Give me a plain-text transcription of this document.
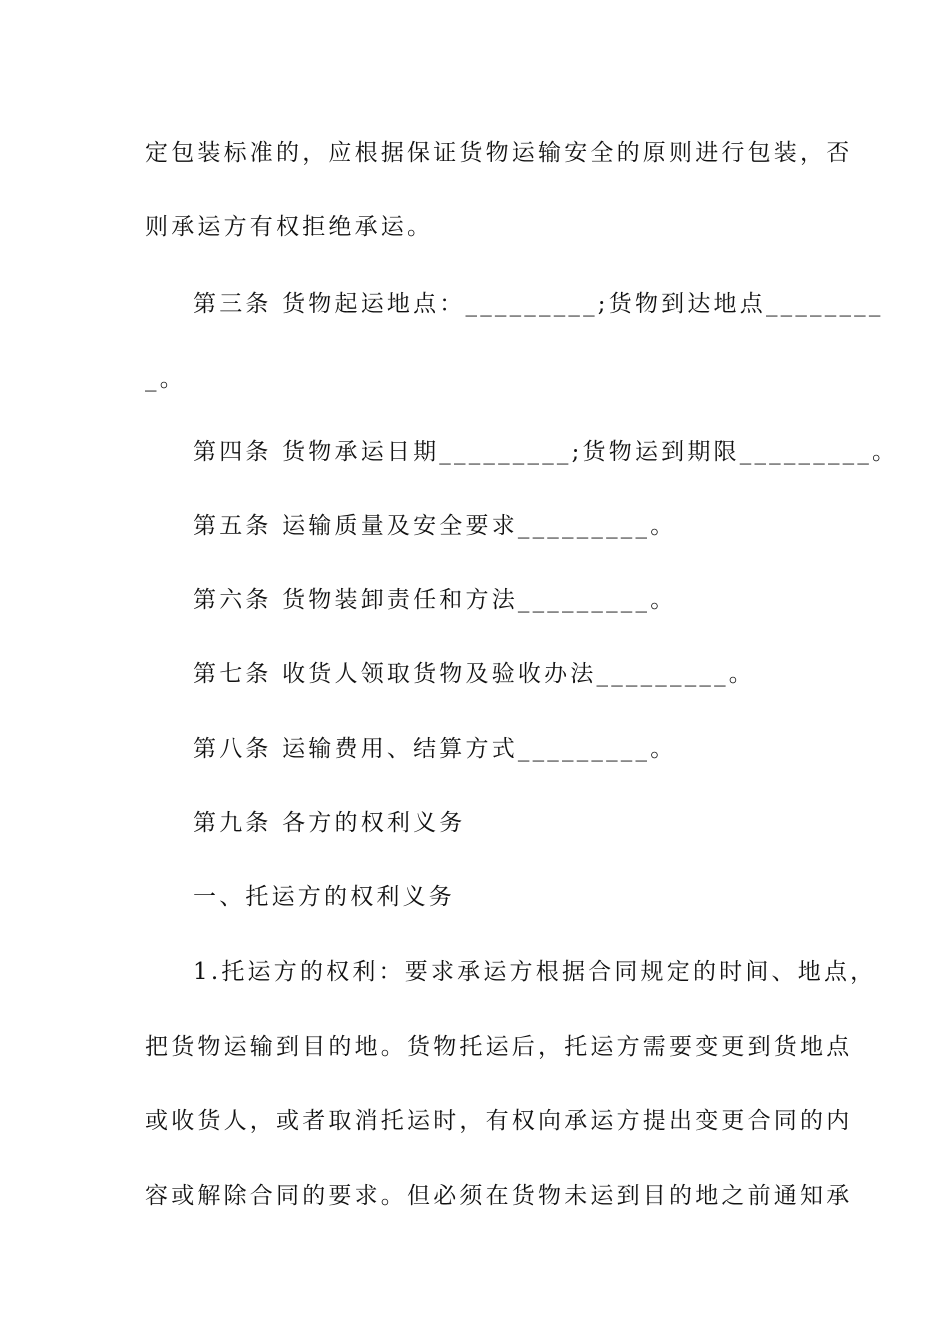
定包装标准的，应根据保证货物运输安全的原则进行包装，否
则承运方有权拒绝承运。
第三条 货物起运地点：_________;货物到达地点________
_。
第四条 货物承运日期_________;货物运到期限_________。
第五条 运输质量及安全要求_________。
第六条 货物装卸责任和方法_________。
第七条 收货人领取货物及验收办法_________。
第八条 运输费用、结算方式_________。
第九条 各方的权利义务
一、托运方的权利义务
1.托运方的权利：要求承运方根据合同规定的时间、地点，
把货物运输到目的地。货物托运后，托运方需要变更到货地点
或收货人，或者取消托运时，有权向承运方提出变更合同的内
容或解除合同的要求。但必须在货物未运到目的地之前通知承
